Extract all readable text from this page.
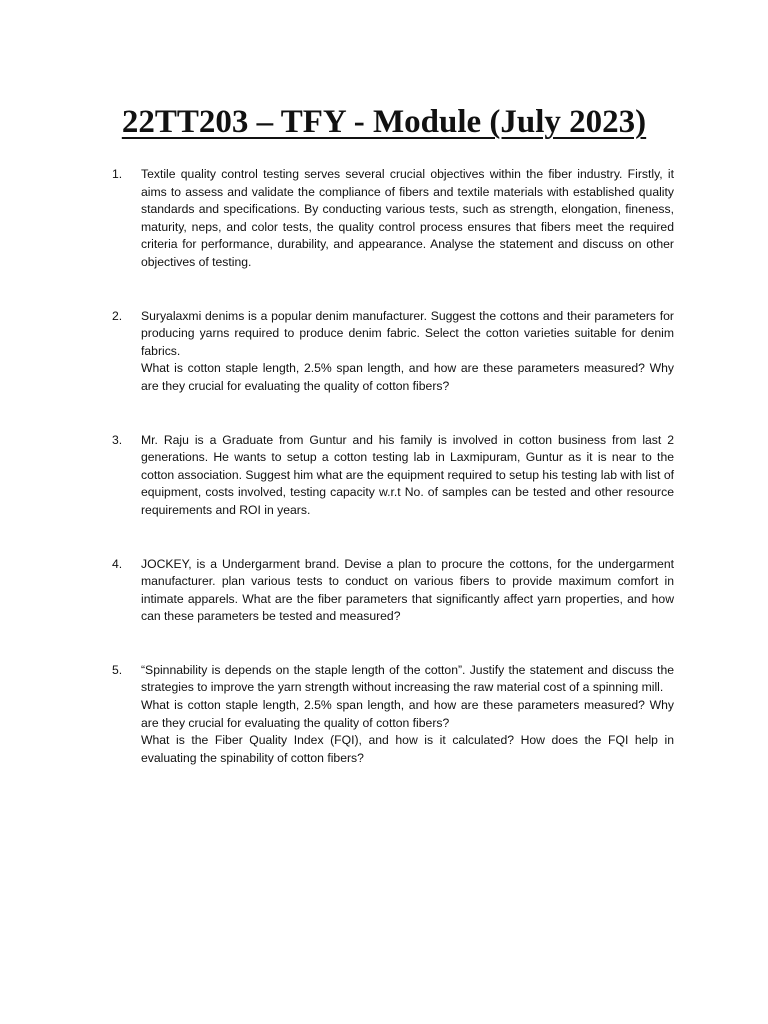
22TT203 – TFY - Module (July 2023)
1.	Textile quality control testing serves several crucial objectives within the fiber industry. Firstly, it aims to assess and validate the compliance of fibers and textile materials with established quality standards and specifications. By conducting various tests, such as strength, elongation, fineness, maturity, neps, and color tests, the quality control process ensures that fibers meet the required criteria for performance, durability, and appearance. Analyse the statement and discuss on other objectives of testing.
2.	Suryalaxmi denims is a popular denim manufacturer. Suggest the cottons and their parameters for producing yarns required to produce denim fabric. Select the cotton varieties suitable for denim fabrics.
What is cotton staple length, 2.5% span length, and how are these parameters measured? Why are they crucial for evaluating the quality of cotton fibers?
3.	Mr. Raju is a Graduate from Guntur and his family is involved in cotton business from last 2 generations. He wants to setup a cotton testing lab in Laxmipuram, Guntur as it is near to the cotton association. Suggest him what are the equipment required to setup his testing lab with list of equipment, costs involved, testing capacity w.r.t No. of samples can be tested and other resource requirements and ROI in years.
4.	JOCKEY, is a Undergarment brand. Devise a plan to procure the cottons, for the undergarment manufacturer. plan various tests to conduct on various fibers to provide maximum comfort in intimate apparels. What are the fiber parameters that significantly affect yarn properties, and how can these parameters be tested and measured?
5.	“Spinnability is depends on the staple length of the cotton”. Justify the statement and discuss the strategies to improve the yarn strength without increasing the raw material cost of a spinning mill.
What is cotton staple length, 2.5% span length, and how are these parameters measured? Why are they crucial for evaluating the quality of cotton fibers?
What is the Fiber Quality Index (FQI), and how is it calculated? How does the FQI help in evaluating the spinability of cotton fibers?
